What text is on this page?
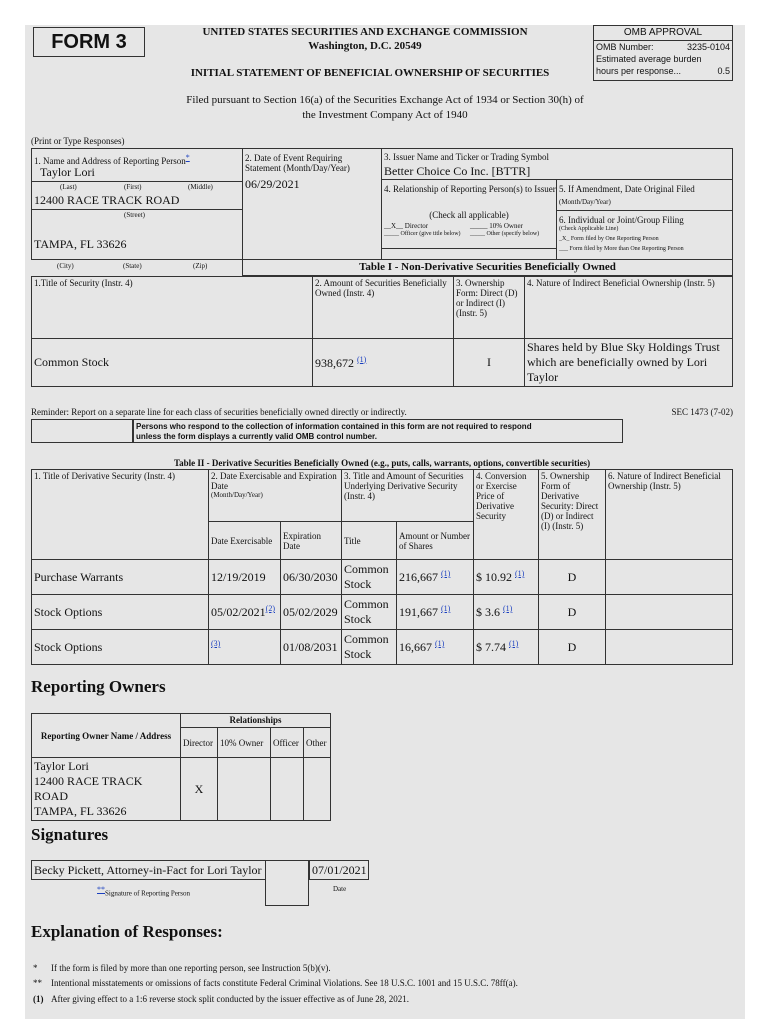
FORM 3	UNITED STATES SECURITIES AND EXCHANGE COMMISSION
Washington, D.C. 20549
INITIAL STATEMENT OF BENEFICIAL OWNERSHIP OF SECURITIES
OMB APPROVAL
OMB Number:	3235-0104
Estimated average burden
hours per response...	0.5
Filed pursuant to Section 16(a) of the Securities Exchange Act of 1934 or Section 30(h) of
the Investment Company Act of 1940
(Print or Type Responses)
1. Name and Address of Reporting Person*
Taylor Lori
(Last)	(First)	(Middle)
12400 RACE TRACK ROAD
(Street)
TAMPA, FL 33626
(City)	(State)	(Zip)
2. Date of Event Requiring Statement (Month/Day/Year)
06/29/2021
3. Issuer Name and Ticker or Trading Symbol
Better Choice Co Inc. [BTTR]
4. Relationship of Reporting Person(s) to Issuer
(Check all applicable)
__X__ Director	_____ 10% Owner
_____ Officer (give title below)	_____ Other (specify below)
5. If Amendment, Date Original Filed
(Month/Day/Year)
6. Individual or Joint/Group Filing
(Check Applicable Line)
_X_ Form filed by One Reporting Person
___ Form filed by More than One Reporting Person
Table I - Non-Derivative Securities Beneficially Owned
1.Title of Security (Instr. 4)	2. Amount of Securities Beneficially Owned (Instr. 4)	3. Ownership Form: Direct (D) or Indirect (I) (Instr. 5)	4. Nature of Indirect Beneficial Ownership (Instr. 5)
Common Stock	938,672 $^{(1)}$	I	Shares held by Blue Sky Holdings Trust which are beneficially owned by Lori Taylor
Reminder: Report on a separate line for each class of securities beneficially owned directly or indirectly.	SEC 1473 (7-02)
Persons who respond to the collection of information contained in this form are not required to respond
unless the form displays a currently valid OMB control number.
Table II - Derivative Securities Beneficially Owned (e.g., puts, calls, warrants, options, convertible securities)
1. Title of Derivative Security (Instr. 4)	2. Date Exercisable and Expiration Date
(Month/Day/Year)		3. Title and Amount of Securities Underlying Derivative Security (Instr. 4)		4. Conversion or Exercise Price of Derivative Security	5. Ownership Form of Derivative Security: Direct (D) or Indirect (I) (Instr. 5)	6. Nature of Indirect Beneficial Ownership (Instr. 5)
	Date Exercisable	Expiration Date	Title	Amount or Number of Shares			
Purchase Warrants	12/19/2019	06/30/2030	Common Stock	216,667 $^{(1)}$	$ 10.92 $^{(1)}$	D	
Stock Options	05/02/2021$^{(2)}$	05/02/2029	Common Stock	191,667 $^{(1)}$	$ 3.6 $^{(1)}$	D	
Stock Options	$^{(3)}$	01/08/2031	Common Stock	16,667 $^{(1)}$	$ 7.74 $^{(1)}$	D	
Reporting Owners
Reporting Owner Name / Address	Relationships			
	Director	10% Owner	Officer	Other

Taylor Lori
12400 RACE TRACK ROAD
TAMPA, FL 33626	X			
Signatures
Becky Pickett, Attorney-in-Fact for Lori Taylor	07/01/2021
**Signature of Reporting Person
Date
Explanation of Responses:
* If the form is filed by more than one reporting person, see Instruction 5(b)(v).
** Intentional misstatements or omissions of facts constitute Federal Criminal Violations. See 18 U.S.C. 1001 and 15 U.S.C. 78ff(a).
(1) After giving effect to a 1:6 reverse stock split conducted by the issuer effective as of June 28, 2021.
